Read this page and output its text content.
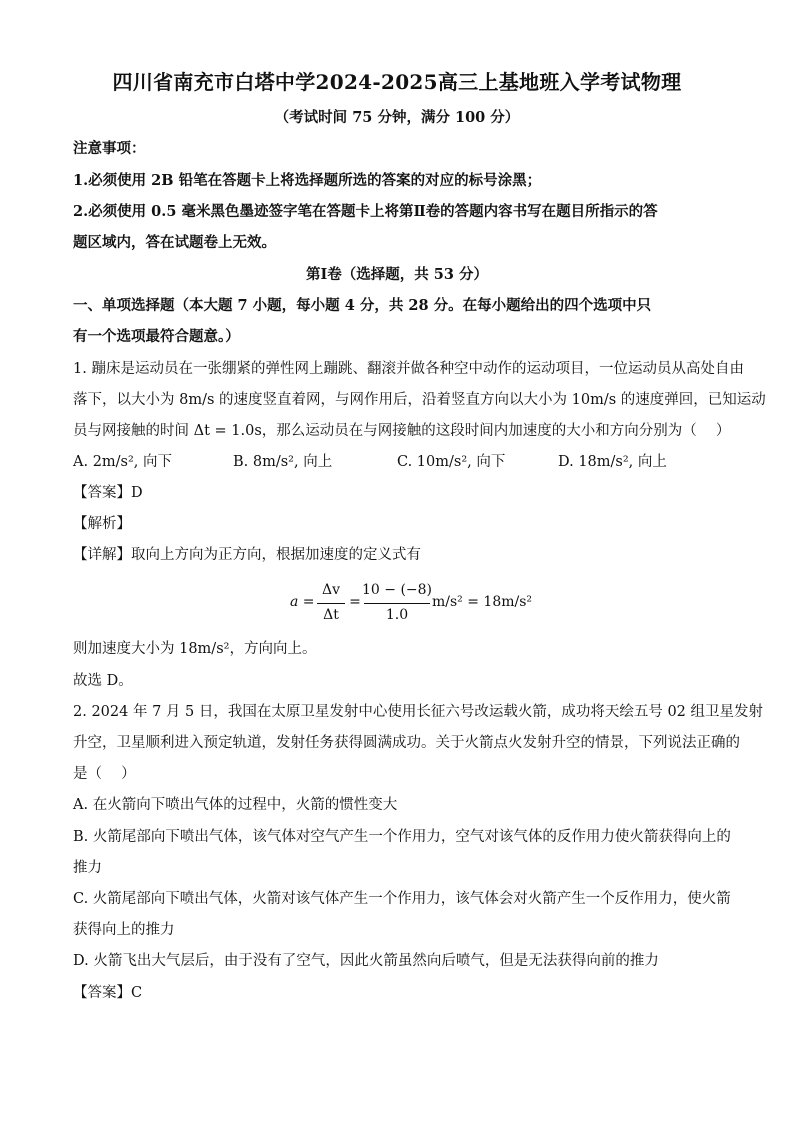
四川省南充市白塔中学2024-2025高三上基地班入学考试物理
（考试时间 75 分钟，满分 100 分）
注意事项：
1.必须使用 2B 铅笔在答题卡上将选择题所选的答案的对应的标号涂黑；
2.必须使用 0.5 毫米黑色墨迹签字笔在答题卡上将第Ⅱ卷的答题内容书写在题目所指示的答
题区域内，答在试题卷上无效。
第Ⅰ卷（选择题，共 53 分）
一、单项选择题（本大题 7 小题，每小题 4 分，共 28 分。在每小题给出的四个选项中只
有一个选项最符合题意。）
1. 蹦床是运动员在一张绷紧的弹性网上蹦跳、翻滚并做各种空中动作的运动项目，一位运动员从高处自由
落下，以大小为 8m/s 的速度竖直着网，与网作用后，沿着竖直方向以大小为 10m/s 的速度弹回，已知运动
员与网接触的时间 Δt = 1.0s，那么运动员在与网接触的这段时间内加速度的大小和方向分别为（　 ）
A. 2m/s², 向下	B. 8m/s², 向上	C. 10m/s², 向下	D. 18m/s², 向上
【答案】D
【解析】
【详解】取向上方向为正方向，根据加速度的定义式有
a =
Δv
Δt
=
10 − (−8)
1.0
m/s² = 18m/s²
则加速度大小为 18m/s²，方向向上。
故选 D。
2. 2024 年 7 月 5 日，我国在太原卫星发射中心使用长征六号改运载火箭，成功将天绘五号 02 组卫星发射
升空，卫星顺利进入预定轨道，发射任务获得圆满成功。关于火箭点火发射升空的情景，下列说法正确的
是（　 ）
A. 在火箭向下喷出气体的过程中，火箭的惯性变大
B. 火箭尾部向下喷出气体，该气体对空气产生一个作用力，空气对该气体的反作用力使火箭获得向上的
推力
C. 火箭尾部向下喷出气体，火箭对该气体产生一个作用力，该气体会对火箭产生一个反作用力，使火箭
获得向上的推力
D. 火箭飞出大气层后，由于没有了空气，因此火箭虽然向后喷气，但是无法获得向前的推力
【答案】C
